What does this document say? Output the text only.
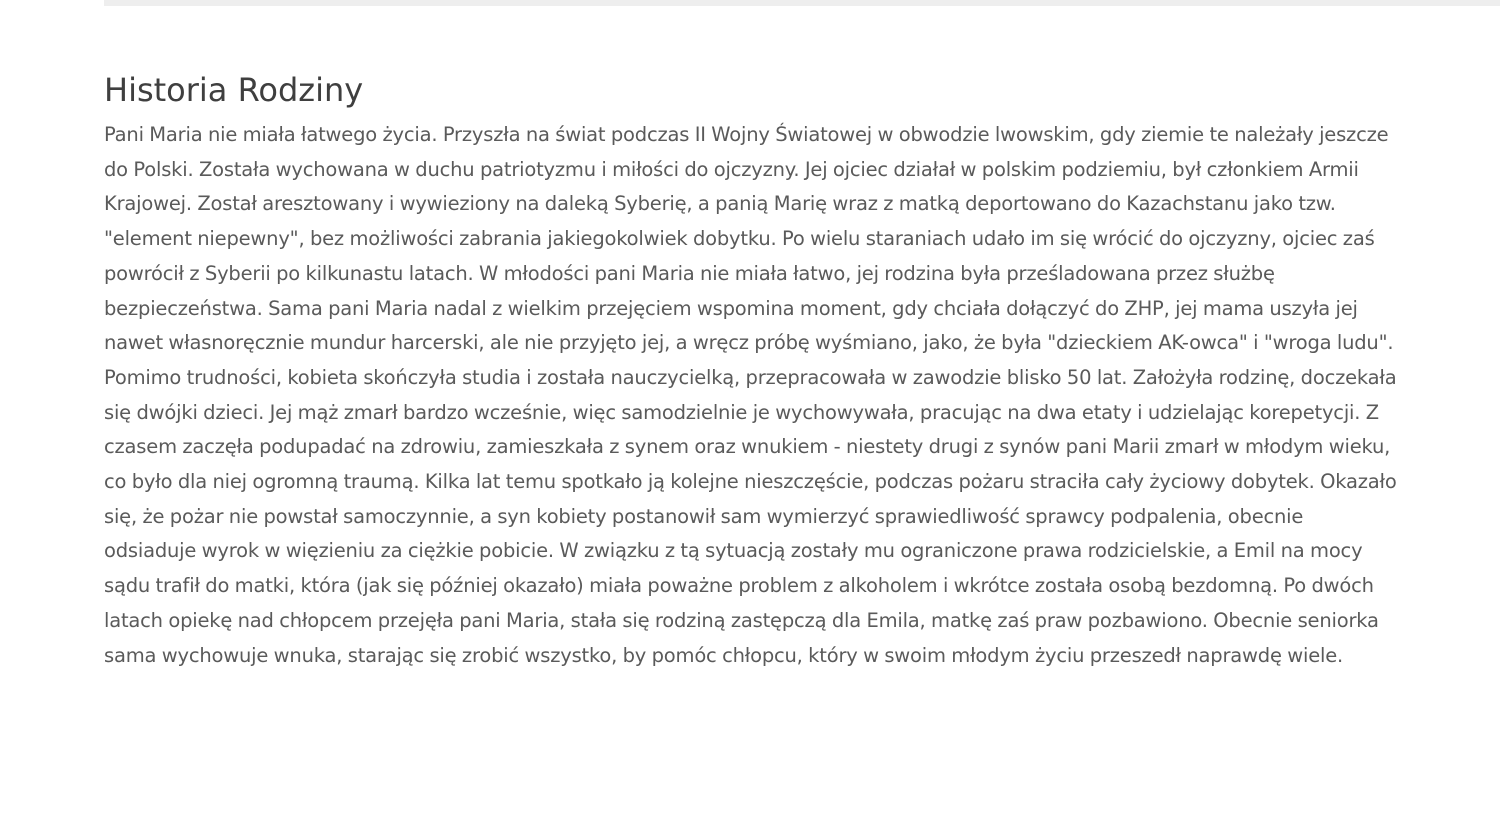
Historia Rodziny

Pani Maria nie miała łatwego życia. Przyszła na świat podczas II Wojny Światowej w obwodzie lwowskim, gdy ziemie te należały jeszcze do Polski. Została wychowana w duchu patriotyzmu i miłości do ojczyzny. Jej ojciec działał w polskim podziemiu, był członkiem Armii Krajowej. Został aresztowany i wywieziony na daleką Syberię, a panią Marię wraz z matką deportowano do Kazachstanu jako tzw. "element niepewny", bez możliwości zabrania jakiegokolwiek dobytku. Po wielu staraniach udało im się wrócić do ojczyzny, ojciec zaś powrócił z Syberii po kilkunastu latach. W młodości pani Maria nie miała łatwo, jej rodzina była prześladowana przez służbę bezpieczeństwa. Sama pani Maria nadal z wielkim przejęciem wspomina moment, gdy chciała dołączyć do ZHP, jej mama uszyła jej nawet własnoręcznie mundur harcerski, ale nie przyjęto jej, a wręcz próbę wyśmiano, jako, że była "dzieckiem AK-owca" i "wroga ludu". Pomimo trudności, kobieta skończyła studia i została nauczycielką, przepracowała w zawodzie blisko 50 lat. Założyła rodzinę, doczekała się dwójki dzieci. Jej mąż zmarł bardzo wcześnie, więc samodzielnie je wychowywała, pracując na dwa etaty i udzielając korepetycji. Z czasem zaczęła podupadać na zdrowiu, zamieszkała z synem oraz wnukiem - niestety drugi z synów pani Marii zmarł w młodym wieku, co było dla niej ogromną traumą. Kilka lat temu spotkało ją kolejne nieszczęście, podczas pożaru straciła cały życiowy dobytek. Okazało się, że pożar nie powstał samoczynnie, a syn kobiety postanowił sam wymierzyć sprawiedliwość sprawcy podpalenia, obecnie odsiaduje wyrok w więzieniu za ciężkie pobicie. W związku z tą sytuacją zostały mu ograniczone prawa rodzicielskie, a Emil na mocy sądu trafił do matki, która (jak się później okazało) miała poważne problem z alkoholem i wkrótce została osobą bezdomną. Po dwóch latach opiekę nad chłopcem przejęła pani Maria, stała się rodziną zastępczą dla Emila, matkę zaś praw pozbawiono. Obecnie seniorka sama wychowuje wnuka, starając się zrobić wszystko, by pomóc chłopcu, który w swoim młodym życiu przeszedł naprawdę wiele.
